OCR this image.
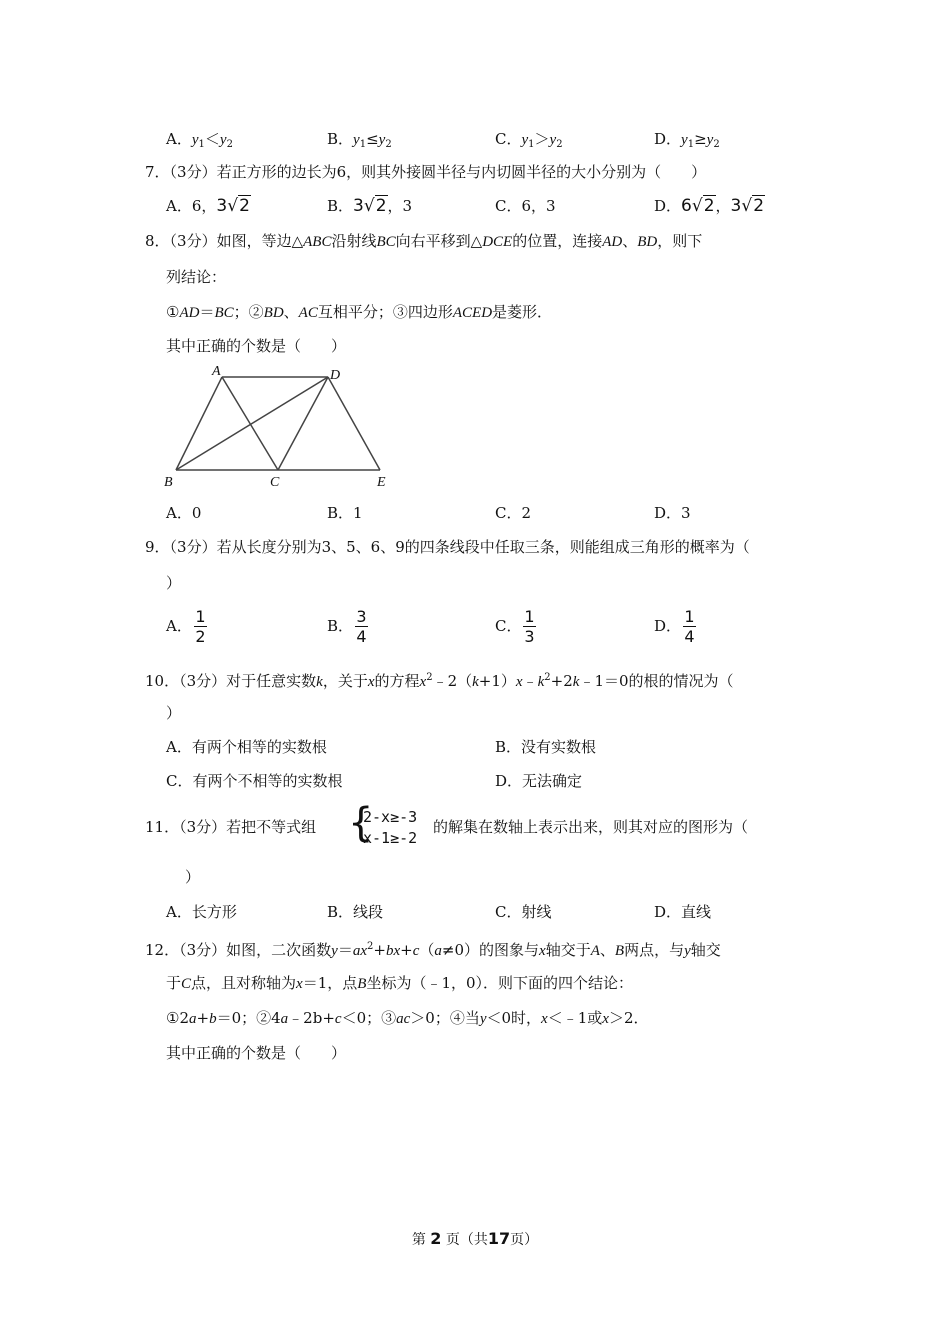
A．$y_1<y_2$	B．$y_1\le y_2$	C．$y_1>y_2$	D．$y_1\ge y_2$
7．（3分）若正方形的边长为6，则其外接圆半径与内切圆半径的大小分别为（　　）
A．6，3√2	B．3√2，3	C．6，3	D．6√2，3√2
8．（3分）如图，等边△ABC沿射线BC向右平移到△DCE的位置，连接AD、BD，则下
列结论：
①AD＝BC；②BD、AC互相平分；③四边形ACED是菱形．
其中正确的个数是（　　）
A	D
B	C	E
A．0	B．1	C．2	D．3
9．（3分）若从长度分别为3、5、6、9的四条线段中任取三条，则能组成三角形的概率为（
）
A． 1
2
B． 3
4
C． 1
3
D． 1
4
10．（3分）对于任意实数k，关于x的方程$x^2﹣2(k+1)x﹣k^2+2k﹣1=0$的根的情况为（
）
A．有两个相等的实数根	B．没有实数根
C．有两个不相等的实数根	D．无法确定
11．（3分）若把不等式组 {
2-x≥-3
x-1≥-2
的解集在数轴上表示出来，则其对应的图形为（
）
A．长方形	B．线段	C．射线	D．直线
12．（3分）如图，二次函数$y=ax^2+bx+c(a\ne 0)$的图象与x轴交于A、B两点，与y轴交
于C点，且对称轴为x＝1，点B坐标为（﹣1，0）．则下面的四个结论：
①2a+b＝0；②4a﹣2b+c＜0；③ac＞0；④当y＜0时，x＜﹣1或x＞2．
其中正确的个数是（　　）
第 2 页（共17页）
